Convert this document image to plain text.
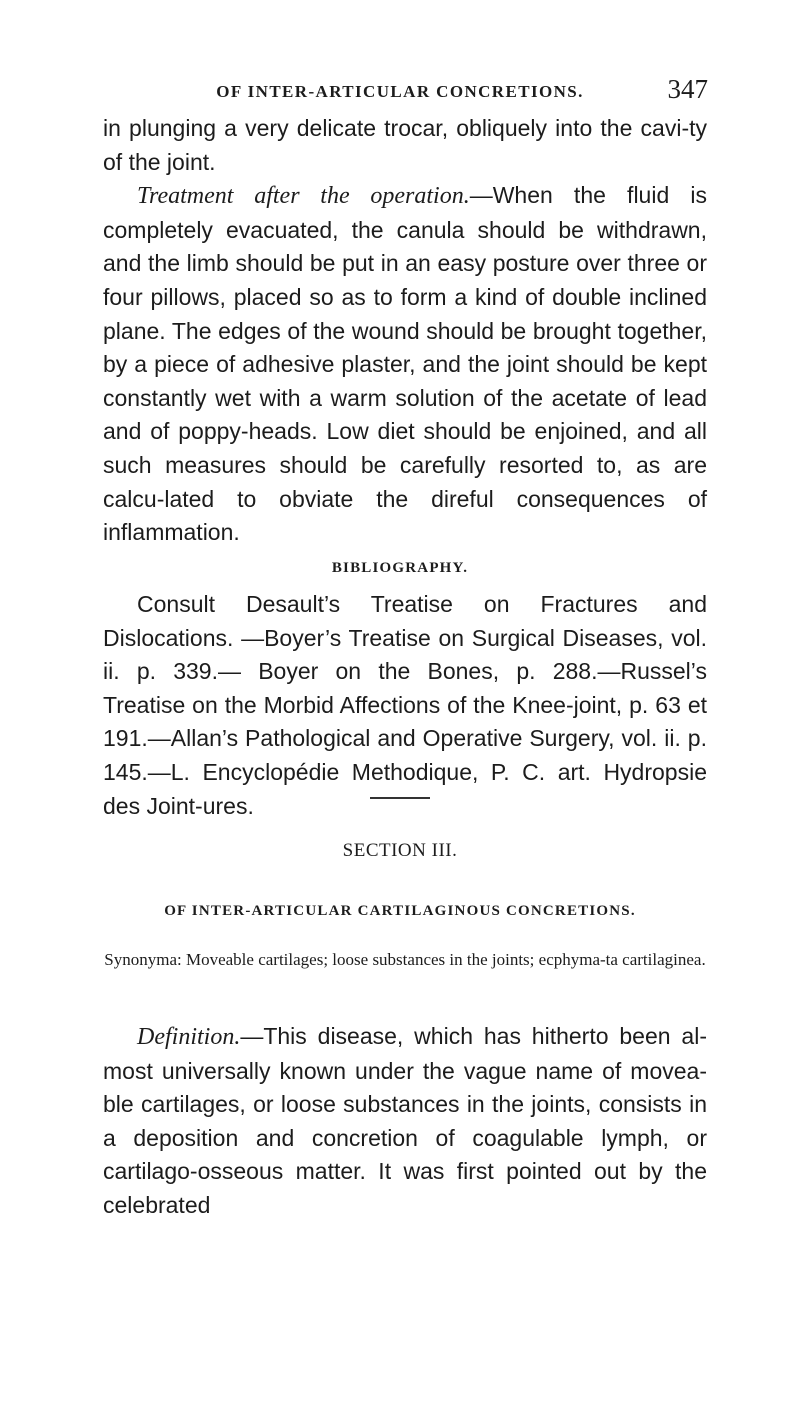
OF INTER-ARTICULAR CONCRETIONS.	347

in plunging a very delicate trocar, obliquely into the cavi-ty of the joint.

Treatment after the operation.—When the fluid is completely evacuated, the canula should be withdrawn, and the limb should be put in an easy posture over three or four pillows, placed so as to form a kind of double inclined plane. The edges of the wound should be brought together, by a piece of adhesive plaster, and the joint should be kept constantly wet with a warm solution of the acetate of lead and of poppy-heads. Low diet should be enjoined, and all such measures should be carefully resorted to, as are calcu-lated to obviate the direful consequences of inflammation.

BIBLIOGRAPHY.

Consult Desault’s Treatise on Fractures and Dislocations. —Boyer’s Treatise on Surgical Diseases, vol. ii. p. 339.— Boyer on the Bones, p. 288.—Russel’s Treatise on the Morbid Affections of the Knee-joint, p. 63 et 191.—Allan’s Pathological and Operative Surgery, vol. ii. p. 145.—L. Encyclopédie Methodique, P. C. art. Hydropsie des Joint-ures.

SECTION III.
OF INTER-ARTICULAR CARTILAGINOUS CONCRETIONS.
Synonyma: Moveable cartilages; loose substances in the joints; ecphyma-ta cartilaginea.

Definition.—This disease, which has hitherto been al-most universally known under the vague name of movea-ble cartilages, or loose substances in the joints, consists in a deposition and concretion of coagulable lymph, or cartilago-osseous matter. It was first pointed out by the celebrated
